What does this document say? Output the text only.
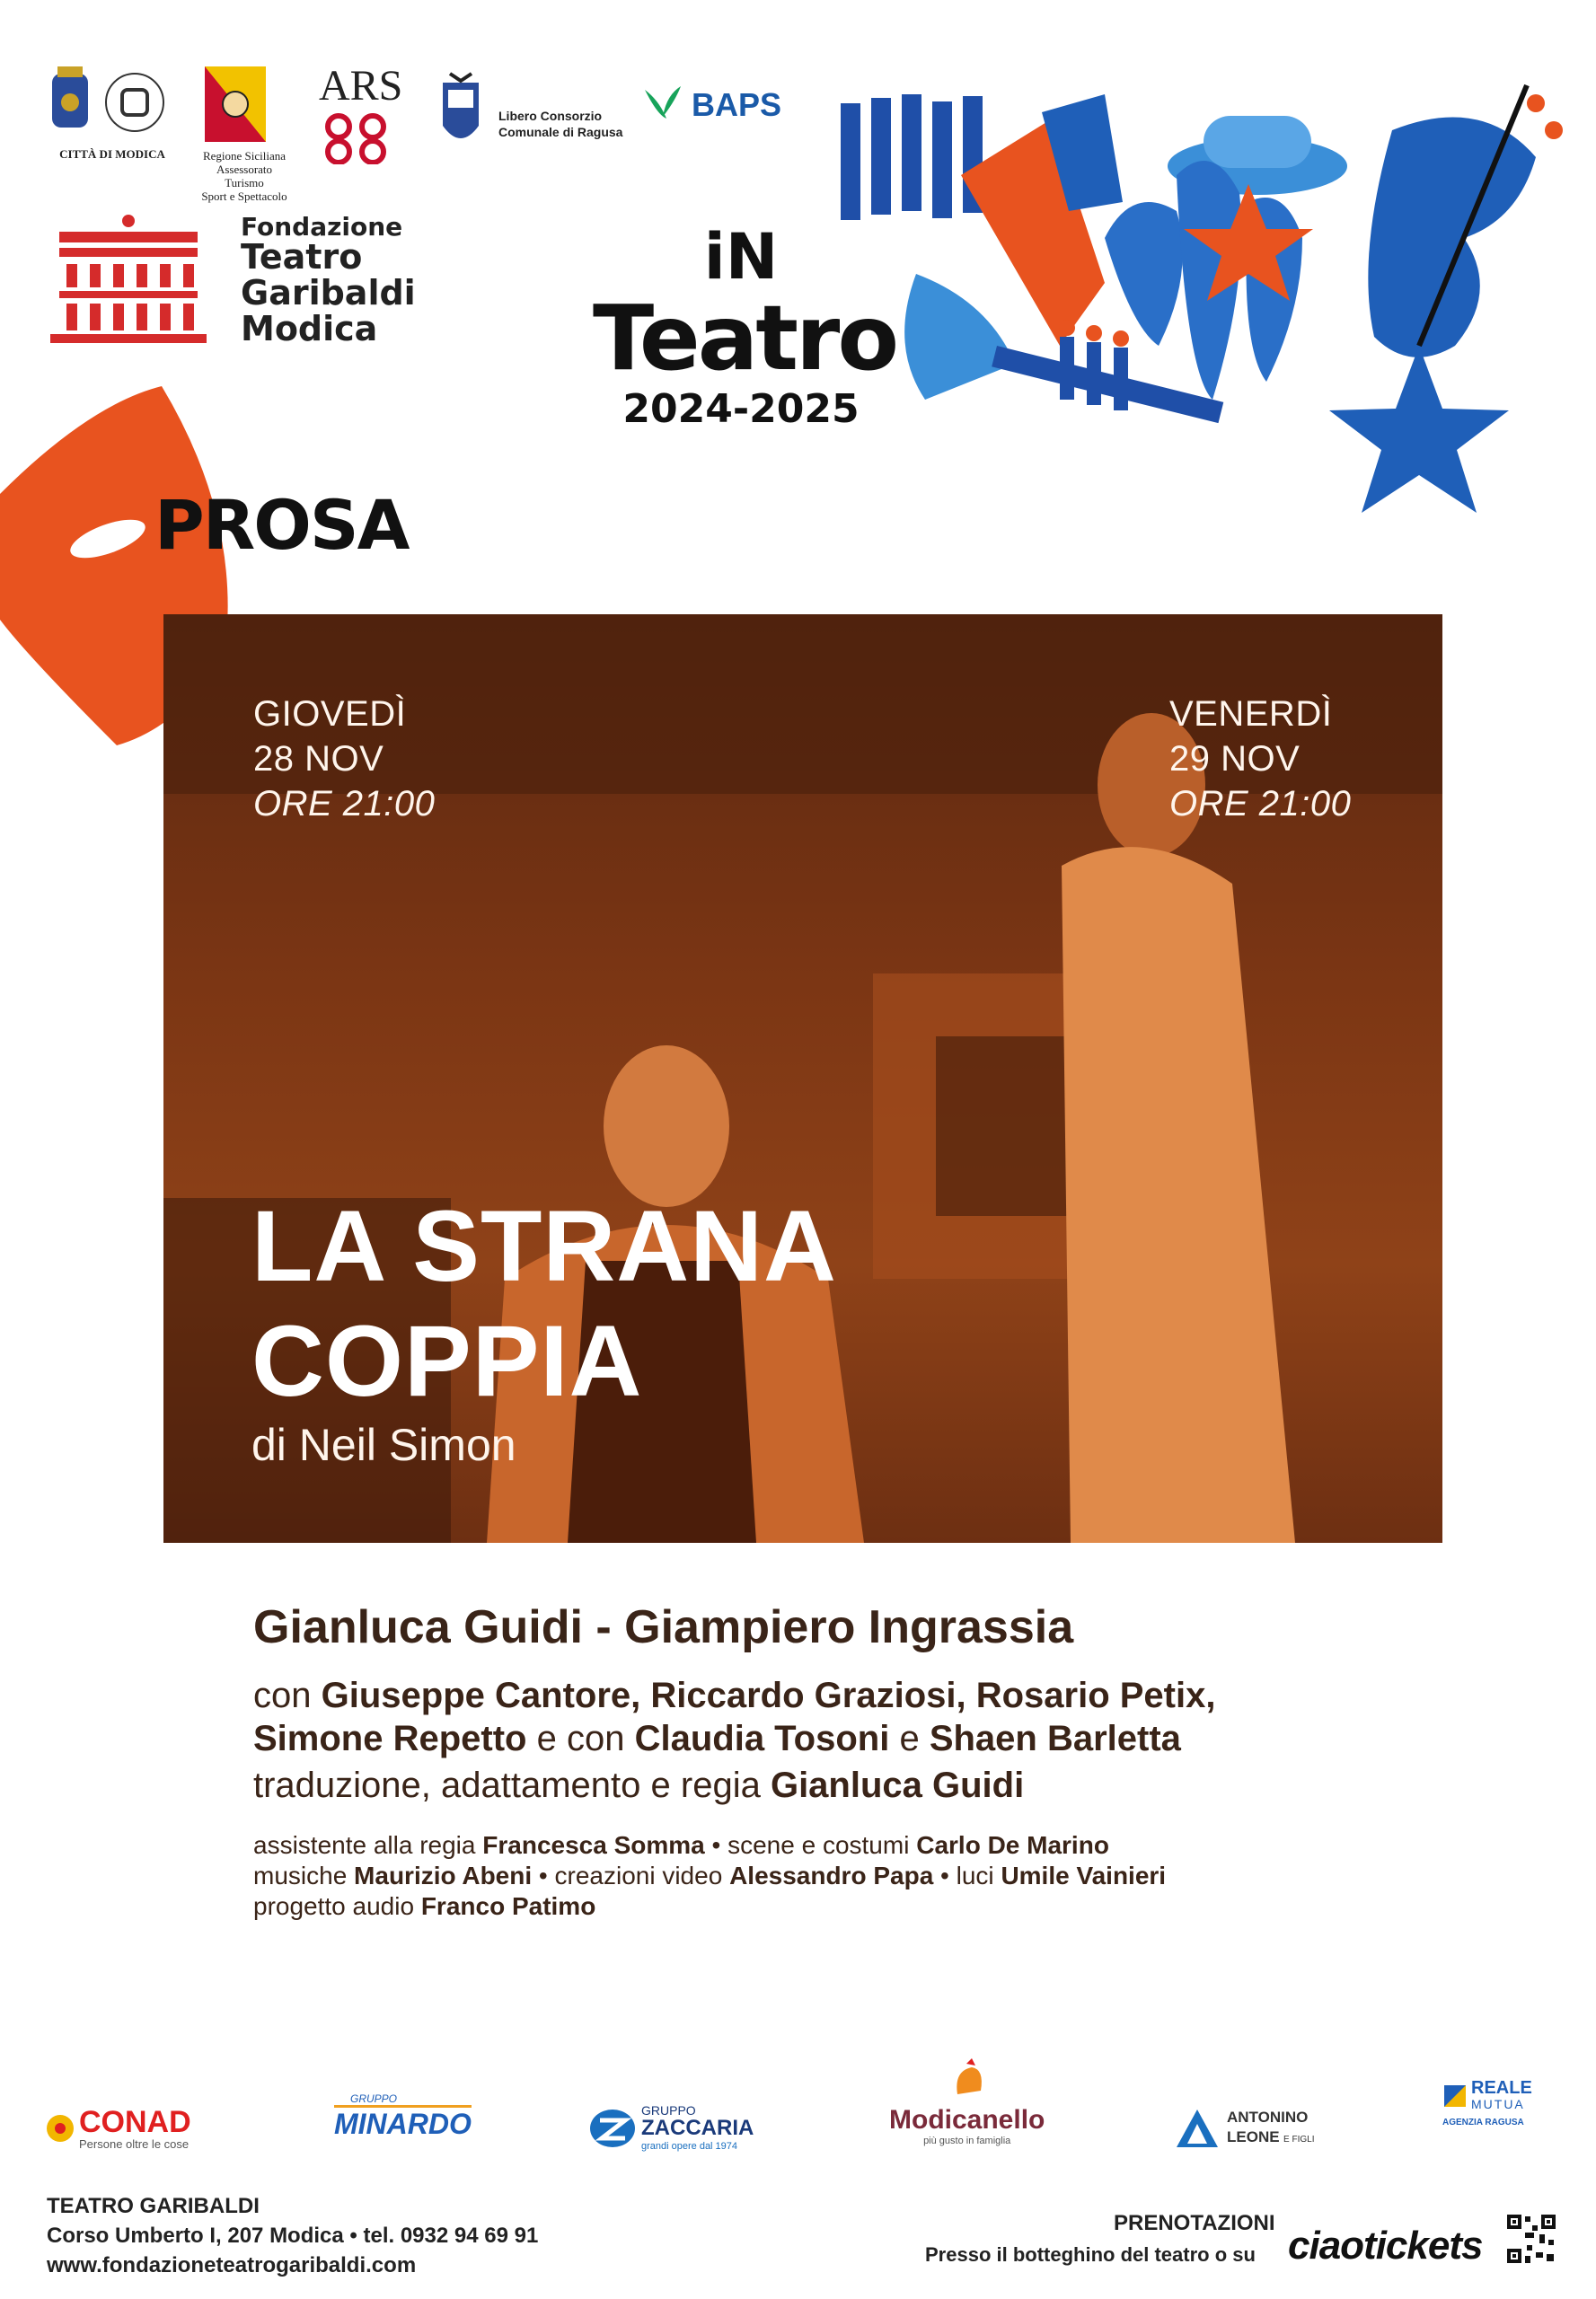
CITTÀ DI MODICA	Regione Siciliana
Assessorato Turismo
Sport e Spettacolo
ARS
Libero Consorzio
Comunale di Ragusa
BAPS
Fondazione
Teatro
Garibaldi
Modica
iN
Teatro
2024-2025
PROSA
GIOVEDÌ
28 NOV
ORE 21:00
VENERDÌ
29 NOV
ORE 21:00
LA STRANA
COPPIA
di Neil Simon
Gianluca Guidi - Giampiero Ingrassia
con Giuseppe Cantore, Riccardo Graziosi, Rosario Petix,
Simone Repetto e con Claudia Tosoni e Shaen Barletta
traduzione, adattamento e regia Gianluca Guidi
assistente alla regia Francesca Somma • scene e costumi Carlo De Marino
musiche Maurizio Abeni • creazioni video Alessandro Papa • luci Umile Vainieri
progetto audio Franco Patimo
CONAD
Persone oltre le cose
GRUPPO
MINARDO	GRUPPO
ZACCARIA
grandi opere dal 1974
Modicanello
più gusto in famiglia
ANTONINO
LEONE E FIGLI
REALE
MUTUA
AGENZIA RAGUSA
TEATRO GARIBALDI
Corso Umberto I, 207 Modica • tel. 0932 94 69 91
www.fondazioneteatrogaribaldi.com
PRENOTAZIONI
Presso il botteghino del teatro o su ciaotickets
